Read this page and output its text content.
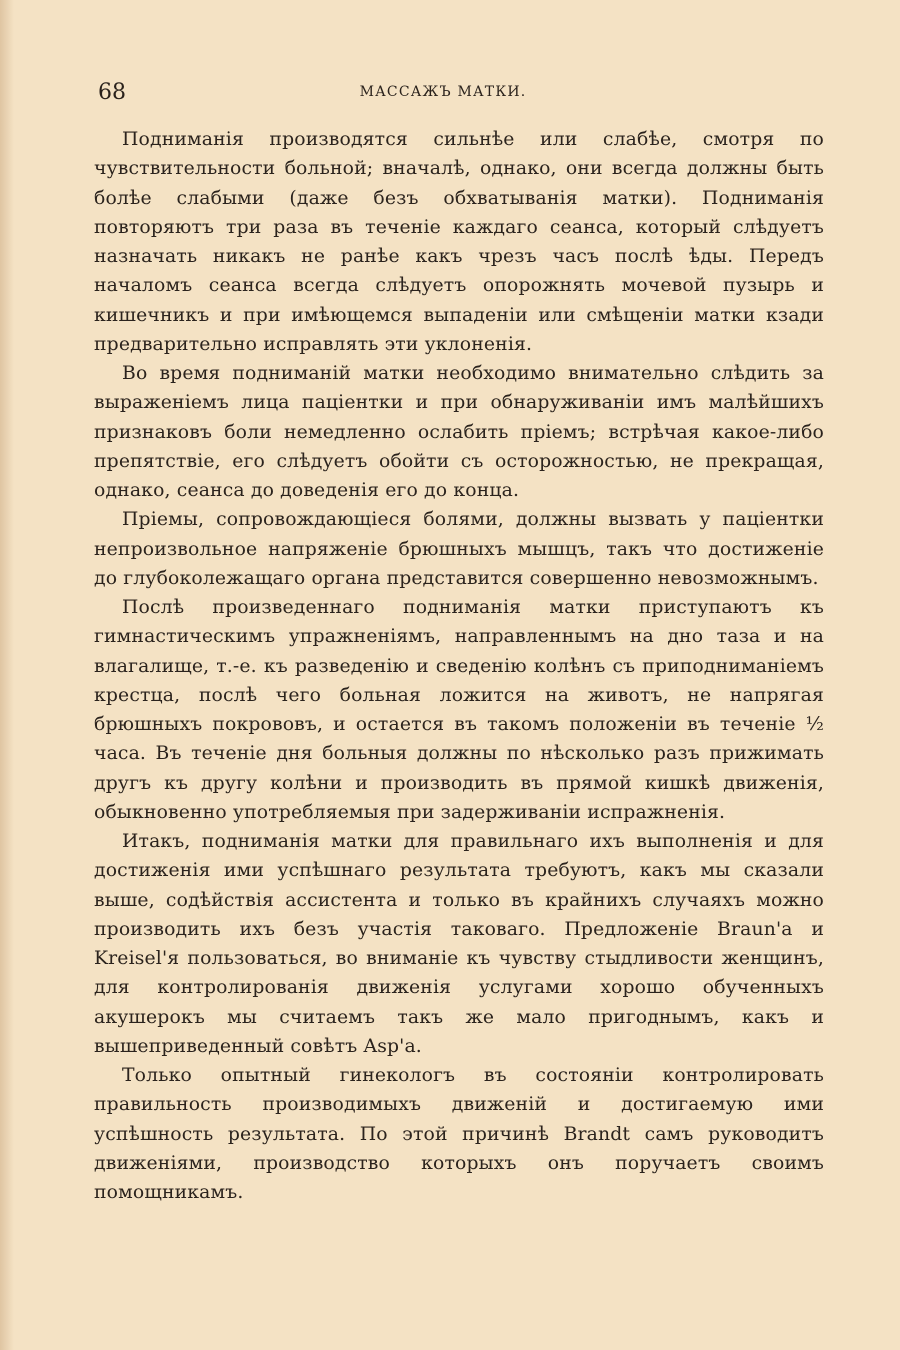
68	МАССАЖЪ МАТКИ.

Подниманія производятся сильнѣе или слабѣе, смотря по чувствительности больной; вначалѣ, однако, они всегда должны быть болѣе слабыми (даже безъ обхватыванія матки). Подниманія повторяютъ три раза въ теченіе каждаго сеанса, который слѣдуетъ назначать никакъ не ранѣе какъ чрезъ часъ послѣ ѣды. Передъ началомъ сеанса всегда слѣдуетъ опорожнять мочевой пузырь и кишечникъ и при имѣющемся выпаденіи или смѣщеніи матки кзади предварительно исправлять эти уклоненія.

Во время подниманій матки необходимо внимательно слѣдить за выраженіемъ лица паціентки и при обнаруживаніи имъ малѣйшихъ признаковъ боли немедленно ослабить пріемъ; встрѣчая какое-либо препятствіе, его слѣдуетъ обойти съ осторожностью, не прекращая, однако, сеанса до доведенія его до конца.

Пріемы, сопровождающіеся болями, должны вызвать у паціентки непроизвольное напряженіе брюшныхъ мышцъ, такъ что достиженіе до глубоколежащаго органа представится совершенно невозможнымъ.

Послѣ произведеннаго подниманія матки приступаютъ къ гимнастическимъ упражненіямъ, направленнымъ на дно таза и на влагалище, т.-е. къ разведенію и сведенію колѣнъ съ приподниманіемъ крестца, послѣ чего больная ложится на животъ, не напрягая брюшныхъ покрововъ, и остается въ такомъ положеніи въ теченіе ½ часа. Въ теченіе дня больныя должны по нѣсколько разъ прижимать другъ къ другу колѣни и производить въ прямой кишкѣ движенія, обыкновенно употребляемыя при задерживаніи испражненія.

Итакъ, подниманія матки для правильнаго ихъ выполненія и для достиженія ими успѣшнаго результата требуютъ, какъ мы сказали выше, содѣйствія ассистента и только въ крайнихъ случаяхъ можно производить ихъ безъ участія таковаго. Предложеніе Braun'а и Kreisel'я пользоваться, во вниманіе къ чувству стыдливости женщинъ, для контролированія движенія услугами хорошо обученныхъ акушерокъ мы считаемъ такъ же мало пригоднымъ, какъ и вышеприведенный совѣтъ Asp'а.

Только опытный гинекологъ въ состояніи контролировать правильность производимыхъ движеній и достигаемую ими успѣшность результата. По этой причинѣ Brandt самъ руководитъ движеніями, производство которыхъ онъ поручаетъ своимъ помощникамъ.
